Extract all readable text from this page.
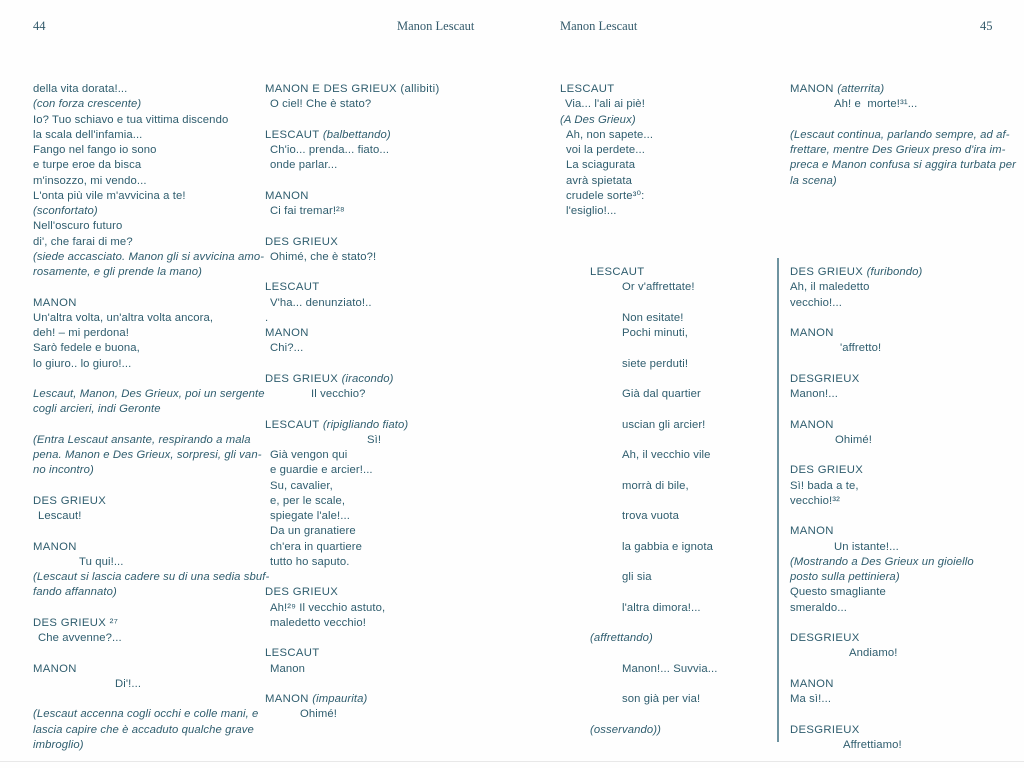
44	Manon Lescaut
della vita dorata!...
(con forza crescente)
Io? Tuo schiavo e tua vittima discendo
la scala dell'infamia...
Fango nel fango io sono
e turpe eroe da bisca
m'insozzo, mi vendo...
L'onta più vile m'avvicina a te!
(sconfortato)
Nell'oscuro futuro
di', che farai di me?
(siede accasciato. Manon gli si avvicina amo-
rosamente, e gli prende la mano)

MANON
Un'altra volta, un'altra volta ancora,
deh! – mi perdona!
Sarò fedele e buona,
lo giuro.. lo giuro!...

Lescaut, Manon, Des Grieux, poi un sergente
cogli arcieri, indi Geronte

(Entra Lescaut ansante, respirando a mala
pena. Manon e Des Grieux, sorpresi, gli van-
no incontro)

DES GRIEUX
Lescaut!

MANON
Tu qui!...
(Lescaut si lascia cadere su di una sedia sbuf-
fando affannato)

DES GRIEUX ²⁷
Che avvenne?...

MANON
Di'!...

(Lescaut accenna cogli occhi e colle mani, e
lascia capire che è accaduto qualche grave
imbroglio)
MANON E DES GRIEUX (allibiti)
O ciel! Che è stato?

LESCAUT (balbettando)
Ch'io... prenda... fiato...
onde parlar...

MANON
Ci fai tremar!²⁸

DES GRIEUX
Ohimé, che è stato?!

LESCAUT
V'ha... denunziato!..
.
MANON
Chi?...

DES GRIEUX (iracondo)
Il vecchio?

LESCAUT (ripigliando fiato)
Sì!
Già vengon qui
e guardie e arcier!...
Su, cavalier,
e, per le scale,
spiegate l'ale!...
Da un granatiere
ch'era in quartiere
tutto ho saputo.

DES GRIEUX
Ah!²⁹ Il vecchio astuto,
maledetto vecchio!

LESCAUT
Manon

MANON (impaurita)
Ohimé!
Manon Lescaut	45
LESCAUT
Via... l'ali ai piè!
(A Des Grieux)
Ah, non sapete...
voi la perdete...
La sciagurata
avrà spietata
crudele sorte³⁰:
l'esiglio!...

LESCAUT
Or v'affrettate!

Non esitate!
Pochi minuti,

siete perduti!

Già dal quartier

uscian gli arcier!

Ah, il vecchio vile

morrà di bile,

trova vuota

la gabbia e ignota

gli sia

l'altra dimora!...

(affrettando)

Manon!... Suvvia...

son già per via!

(osservando))
MANON (atterrita)
Ah! e  morte!³¹...

(Lescaut continua, parlando sempre, ad af-
frettare, mentre Des Grieux preso d'ira im-
preca e Manon confusa si aggira turbata per
la scena)

DES GRIEUX (furibondo)
Ah, il maledetto
vecchio!...

MANON
'affretto!

DESGRIEUX
Manon!...

MANON
Ohimé!

DES GRIEUX
Sì! bada a te,
vecchio!³²

MANON
Un istante!...
(Mostrando a Des Grieux un gioiello
posto sulla pettiniera)
Questo smagliante
smeraldo...

DESGRIEUX
Andiamo!

MANON
Ma sì!...

DESGRIEUX
Affrettiamo!
